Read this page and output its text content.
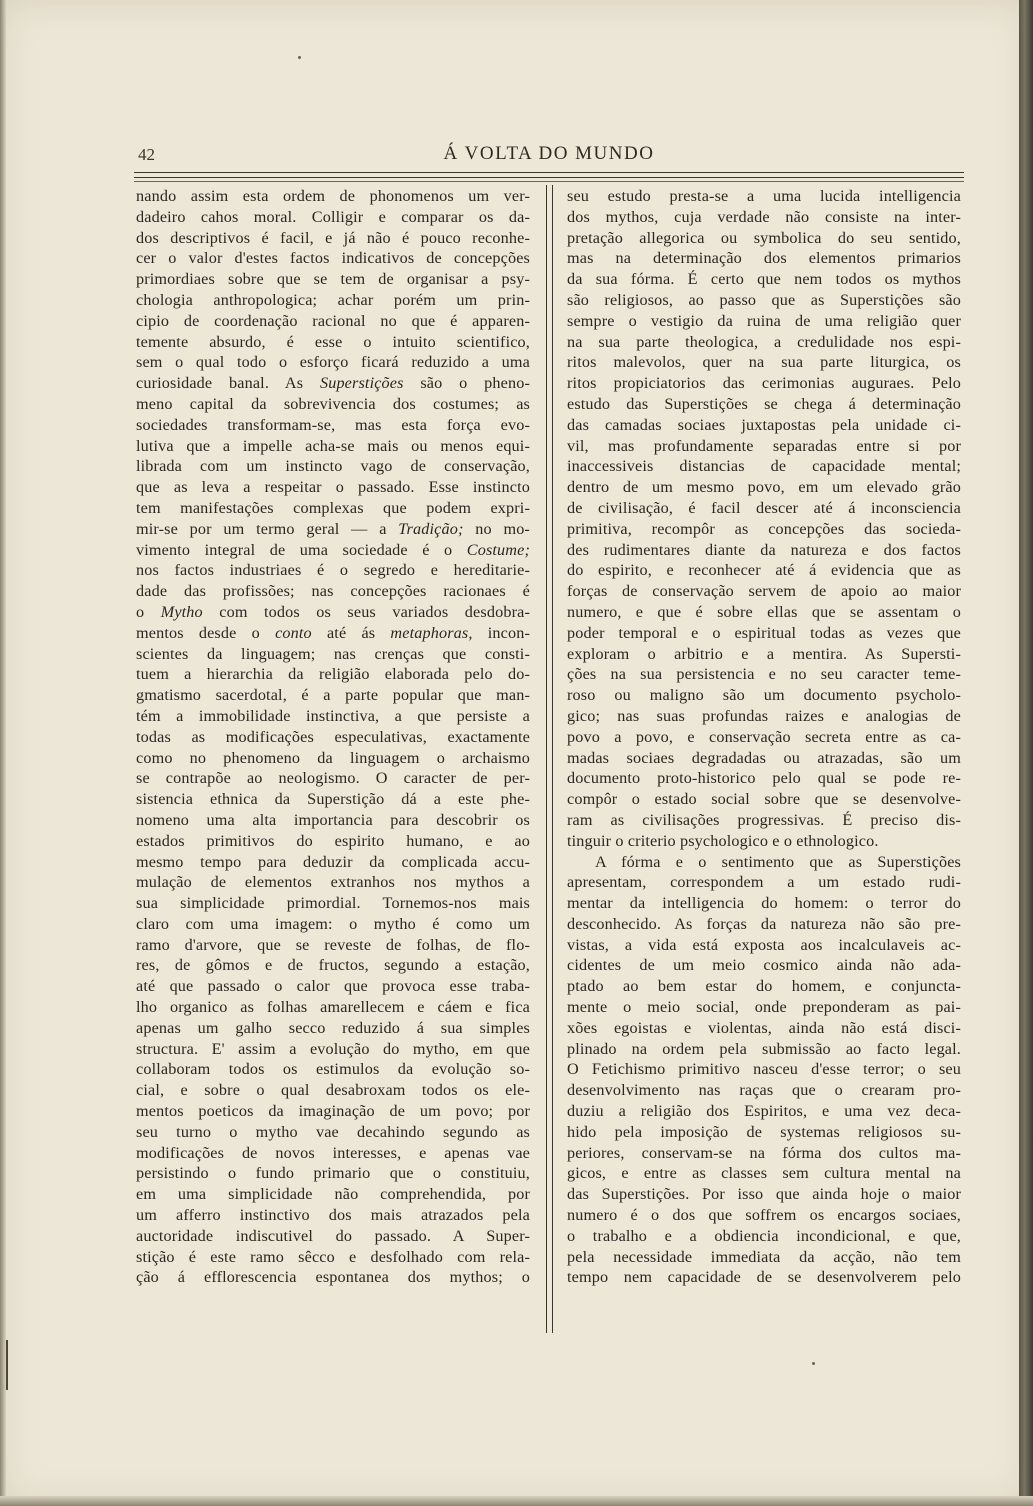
42	Á VOLTA DO MUNDO
nando assim esta ordem de phonomenos um ver-
dadeiro cahos moral. Colligir e comparar os da-
dos descriptivos é facil, e já não é pouco reconhe-
cer o valor d'estes factos indicativos de concepções
primordiaes sobre que se tem de organisar a psy-
chologia anthropologica; achar porém um prin-
cipio de coordenação racional no que é apparen-
temente absurdo, é esse o intuito scientifico,
sem o qual todo o esforço ficará reduzido a uma
curiosidade banal. As Superstições são o pheno-
meno capital da sobrevivencia dos costumes; as
sociedades transformam-se, mas esta força evo-
lutiva que a impelle acha-se mais ou menos equi-
librada com um instincto vago de conservação,
que as leva a respeitar o passado. Esse instincto
tem manifestações complexas que podem expri-
mir-se por um termo geral — a Tradição; no mo-
vimento integral de uma sociedade é o Costume;
nos factos industriaes é o segredo e hereditarie-
dade das profissões; nas concepções racionaes é
o Mytho com todos os seus variados desdobra-
mentos desde o conto até ás metaphoras, incon-
scientes da linguagem; nas crenças que consti-
tuem a hierarchia da religião elaborada pelo do-
gmatismo sacerdotal, é a parte popular que man-
tém a immobilidade instinctiva, a que persiste a
todas as modificações especulativas, exactamente
como no phenomeno da linguagem o archaismo
se contrapõe ao neologismo. O caracter de per-
sistencia ethnica da Superstição dá a este phe-
nomeno uma alta importancia para descobrir os
estados primitivos do espirito humano, e ao
mesmo tempo para deduzir da complicada accu-
mulação de elementos extranhos nos mythos a
sua simplicidade primordial. Tornemos-nos mais
claro com uma imagem: o mytho é como um
ramo d'arvore, que se reveste de folhas, de flo-
res, de gômos e de fructos, segundo a estação,
até que passado o calor que provoca esse traba-
lho organico as folhas amarellecem e cáem e fica
apenas um galho secco reduzido á sua simples
structura. E' assim a evolução do mytho, em que
collaboram todos os estimulos da evolução so-
cial, e sobre o qual desabroxam todos os ele-
mentos poeticos da imaginação de um povo; por
seu turno o mytho vae decahindo segundo as
modificações de novos interesses, e apenas vae
persistindo o fundo primario que o constituiu,
em uma simplicidade não comprehendida, por
um afferro instinctivo dos mais atrazados pela
auctoridade indiscutivel do passado. A Super-
stição é este ramo sêcco e desfolhado com rela-
ção á efflorescencia espontanea dos mythos; o
seu estudo presta-se a uma lucida intelligencia
dos mythos, cuja verdade não consiste na inter-
pretação allegorica ou symbolica do seu sentido,
mas na determinação dos elementos primarios
da sua fórma. É certo que nem todos os mythos
são religiosos, ao passo que as Superstições são
sempre o vestigio da ruina de uma religião quer
na sua parte theologica, a credulidade nos espi-
ritos malevolos, quer na sua parte liturgica, os
ritos propiciatorios das cerimonias auguraes. Pelo
estudo das Superstições se chega á determinação
das camadas sociaes juxtapostas pela unidade ci-
vil, mas profundamente separadas entre si por
inaccessiveis distancias de capacidade mental;
dentro de um mesmo povo, em um elevado grão
de civilisação, é facil descer até á inconsciencia
primitiva, recompôr as concepções das socieda-
des rudimentares diante da natureza e dos factos
do espirito, e reconhecer até á evidencia que as
forças de conservação servem de apoio ao maior
numero, e que é sobre ellas que se assentam o
poder temporal e o espiritual todas as vezes que
exploram o arbitrio e a mentira. As Supersti-
ções na sua persistencia e no seu caracter teme-
roso ou maligno são um documento psycholo-
gico; nas suas profundas raizes e analogias de
povo a povo, e conservação secreta entre as ca-
madas sociaes degradadas ou atrazadas, são um
documento proto-historico pelo qual se pode re-
compôr o estado social sobre que se desenvolve-
ram as civilisações progressivas. É preciso dis-
tinguir o criterio psychologico e o ethnologico.
A fórma e o sentimento que as Superstições
apresentam, correspondem a um estado rudi-
mentar da intelligencia do homem: o terror do
desconhecido. As forças da natureza não são pre-
vistas, a vida está exposta aos incalculaveis ac-
cidentes de um meio cosmico ainda não ada-
ptado ao bem estar do homem, e conjuncta-
mente o meio social, onde preponderam as pai-
xões egoistas e violentas, ainda não está disci-
plinado na ordem pela submissão ao facto legal.
O Fetichismo primitivo nasceu d'esse terror; o seu
desenvolvimento nas raças que o crearam pro-
duziu a religião dos Espiritos, e uma vez deca-
hido pela imposição de systemas religiosos su-
periores, conservam-se na fórma dos cultos ma-
gicos, e entre as classes sem cultura mental na
das Superstições. Por isso que ainda hoje o maior
numero é o dos que soffrem os encargos sociaes,
o trabalho e a obdiencia incondicional, e que,
pela necessidade immediata da acção, não tem
tempo nem capacidade de se desenvolverem pelo
